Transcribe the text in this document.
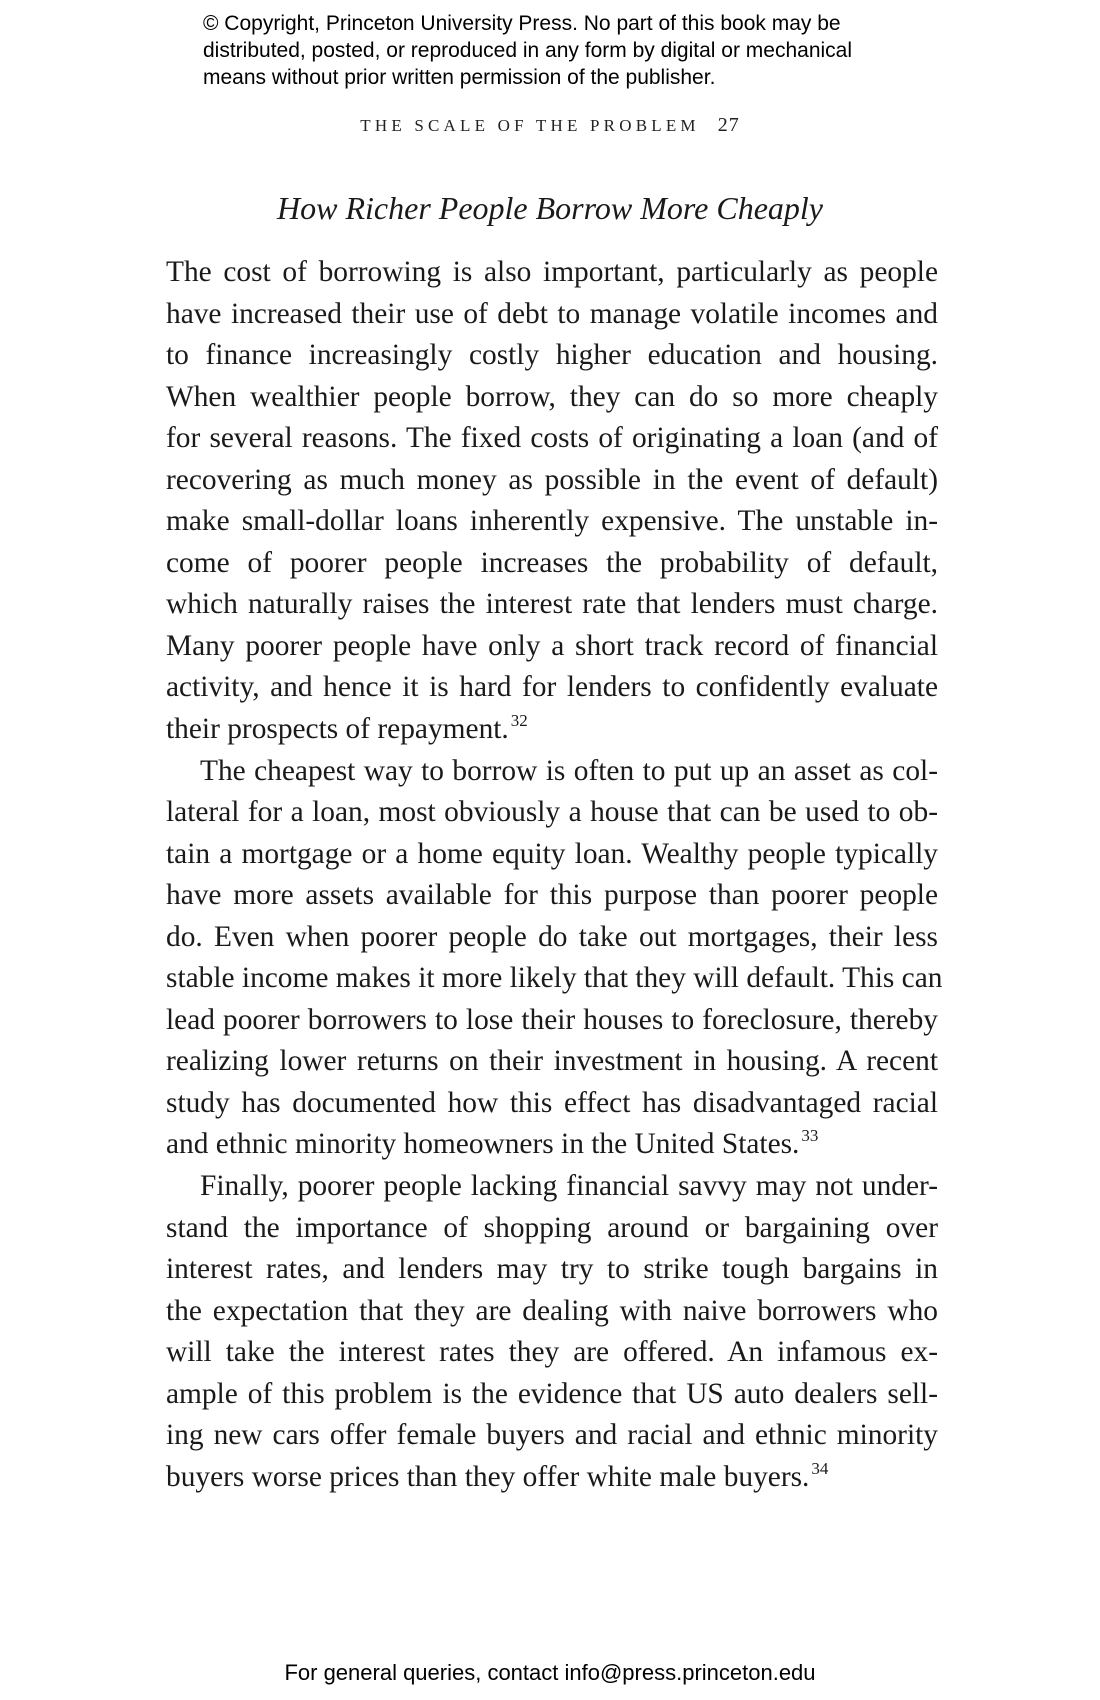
© Copyright, Princeton University Press. No part of this book may be
distributed, posted, or reproduced in any form by digital or mechanical
means without prior written permission of the publisher.
THE SCALE OF THE PROBLEM 27
How Richer People Borrow More Cheaply

The cost of borrowing is also important, particularly as people
have increased their use of debt to manage volatile incomes and
to finance increasingly costly higher education and housing.
When wealthier people borrow, they can do so more cheaply
for several reasons. The fixed costs of originating a loan (and of
recovering as much money as possible in the event of default)
make small-dollar loans inherently expensive. The unstable in-
come of poorer people increases the probability of default,
which naturally raises the interest rate that lenders must charge.
Many poorer people have only a short track record of financial
activity, and hence it is hard for lenders to confidently evaluate
their prospects of repayment. $^{32}$

The cheapest way to borrow is often to put up an asset as col-
lateral for a loan, most obviously a house that can be used to ob-
tain a mortgage or a home equity loan. Wealthy people typically
have more assets available for this purpose than poorer people
do. Even when poorer people do take out mortgages, their less
stable income makes it more likely that they will default. This can
lead poorer borrowers to lose their houses to foreclosure, thereby
realizing lower returns on their investment in housing. A recent
study has documented how this effect has disadvantaged racial
and ethnic minority homeowners in the United States. $^{33}$

Finally, poorer people lacking financial savvy may not under-
stand the importance of shopping around or bargaining over
interest rates, and lenders may try to strike tough bargains in
the expectation that they are dealing with naive borrowers who
will take the interest rates they are offered. An infamous ex-
ample of this problem is the evidence that US auto dealers sell-
ing new cars offer female buyers and racial and ethnic minority
buyers worse prices than they offer white male buyers. $^{34}$

For general queries, contact info@press.princeton.edu
